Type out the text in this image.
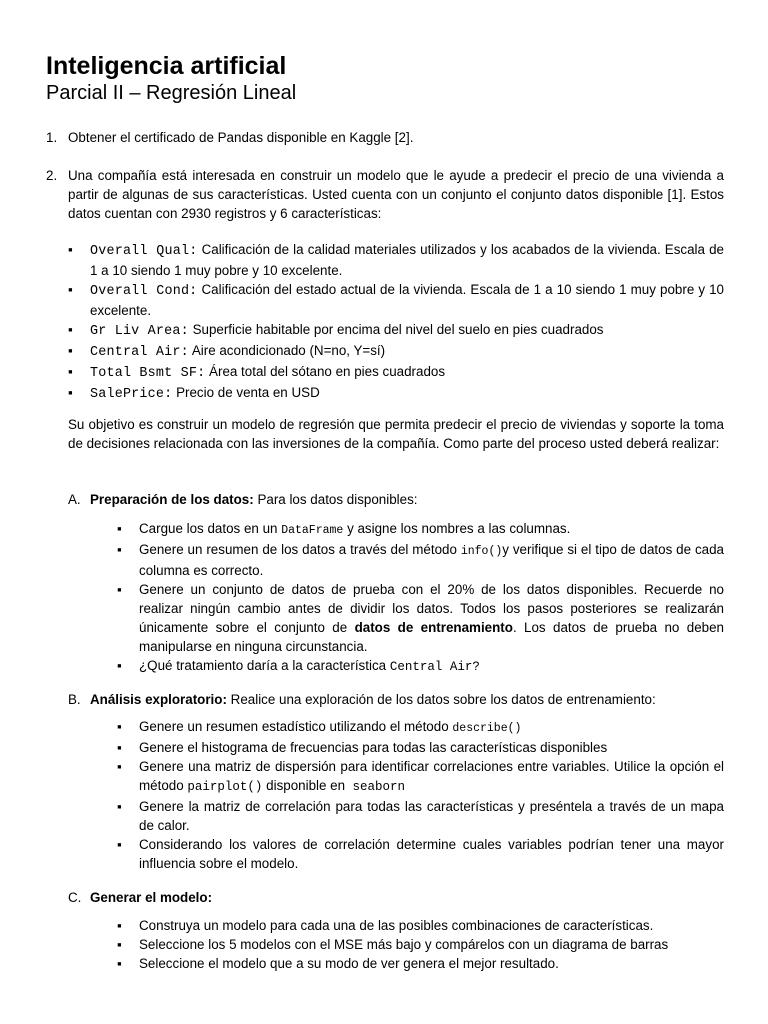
Inteligencia artificial
Parcial II – Regresión Lineal
1. Obtener el certificado de Pandas disponible en Kaggle [2].
2. Una compañía está interesada en construir un modelo que le ayude a predecir el precio de una vivienda a partir de algunas de sus características. Usted cuenta con un conjunto el conjunto datos disponible [1]. Estos datos cuentan con 2930 registros y 6 características:
▪ Overall Qual: Calificación de la calidad materiales utilizados y los acabados de la vivienda. Escala de 1 a 10 siendo 1 muy pobre y 10 excelente.
▪ Overall Cond: Calificación del estado actual de la vivienda. Escala de 1 a 10 siendo 1 muy pobre y 10 excelente.
▪ Gr Liv Area: Superficie habitable por encima del nivel del suelo en pies cuadrados
▪ Central Air: Aire acondicionado (N=no, Y=sí)
▪ Total Bsmt SF: Área total del sótano en pies cuadrados
▪ SalePrice: Precio de venta en USD
Su objetivo es construir un modelo de regresión que permita predecir el precio de viviendas y soporte la toma de decisiones relacionada con las inversiones de la compañía. Como parte del proceso usted deberá realizar:
A. Preparación de los datos: Para los datos disponibles:
▪ Cargue los datos en un DataFrame y asigne los nombres a las columnas.
▪ Genere un resumen de los datos a través del método info()y verifique si el tipo de datos de cada columna es correcto.
▪ Genere un conjunto de datos de prueba con el 20% de los datos disponibles. Recuerde no realizar ningún cambio antes de dividir los datos. Todos los pasos posteriores se realizarán únicamente sobre el conjunto de datos de entrenamiento. Los datos de prueba no deben manipularse en ninguna circunstancia.
▪ ¿Qué tratamiento daría a la característica Central Air?
B. Análisis exploratorio: Realice una exploración de los datos sobre los datos de entrenamiento:
▪ Genere un resumen estadístico utilizando el método describe()
▪ Genere el histograma de frecuencias para todas las características disponibles
▪ Genere una matriz de dispersión para identificar correlaciones entre variables. Utilice la opción el método pairplot() disponible en seaborn
▪ Genere la matriz de correlación para todas las características y preséntela a través de un mapa de calor.
▪ Considerando los valores de correlación determine cuales variables podrían tener una mayor influencia sobre el modelo.
C. Generar el modelo:
▪ Construya un modelo para cada una de las posibles combinaciones de características.
▪ Seleccione los 5 modelos con el MSE más bajo y compárelos con un diagrama de barras
▪ Seleccione el modelo que a su modo de ver genera el mejor resultado.
